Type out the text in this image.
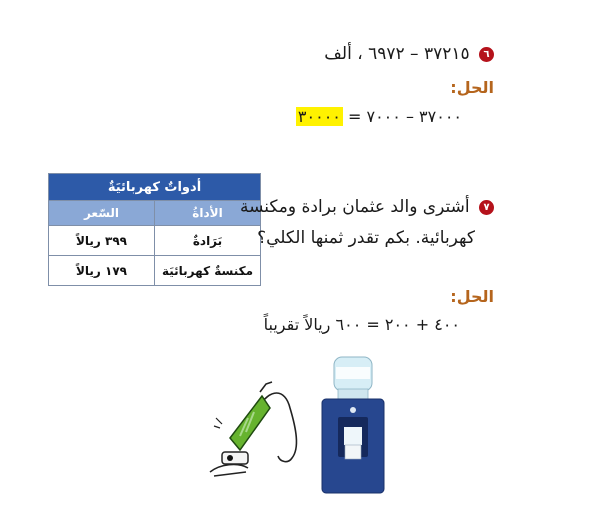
٦ ٣٧٢١٥ – ٦٩٧٢ ، ألف
الحل:
٣٧٠٠٠ – ٧٠٠٠ = ٣٠٠٠٠
أدواتٌ كهربائيَةٌ	
الأداةُ	السّعر
بَرَادةٌ	٣٩٩ ريالاً
مكنسةٌ كهربائيَة	١٧٩ ريالاً
٧ أشترى والد عثمان برادة ومكنسة
كهربائية. بكم تقدر ثمنها الكلي؟
الحل:
٤٠٠ + ٢٠٠ = ٦٠٠ ريالاً تقريباً
